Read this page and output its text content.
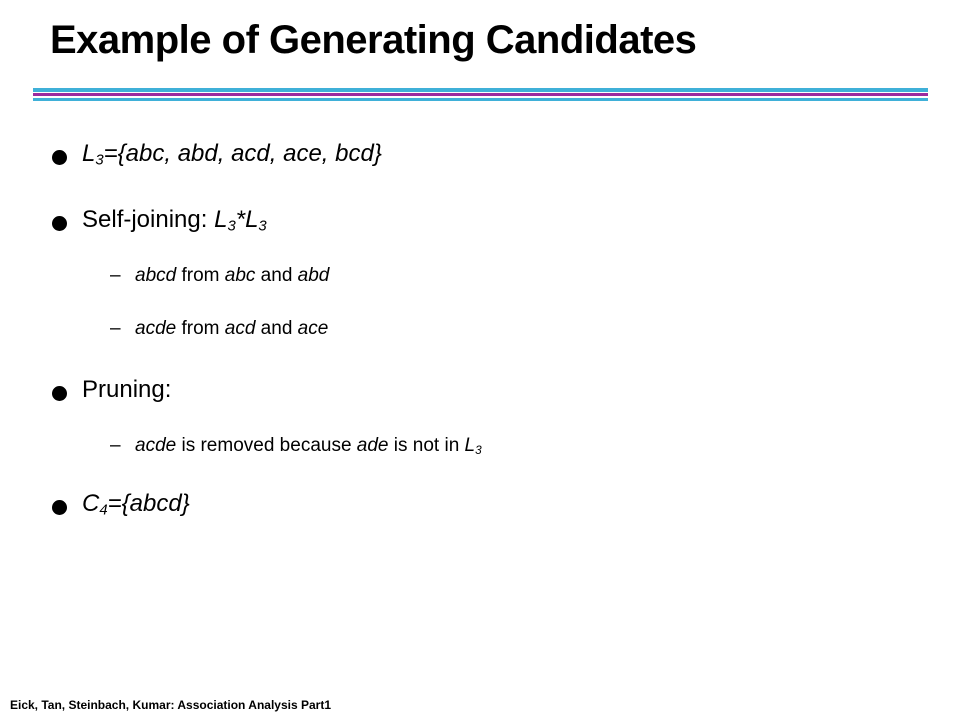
Example of Generating Candidates
$L_3=\{abc$, abd, acd, ace, bcd}
Self-joining: $L_3*L_3$
– abcd from abc and abd
– acde from acd and ace
Pruning:
– acde is removed because ade is not in $L_3$
$C_4=\{abcd\}$
Eick, Tan, Steinbach, Kumar: Association Analysis Part1
